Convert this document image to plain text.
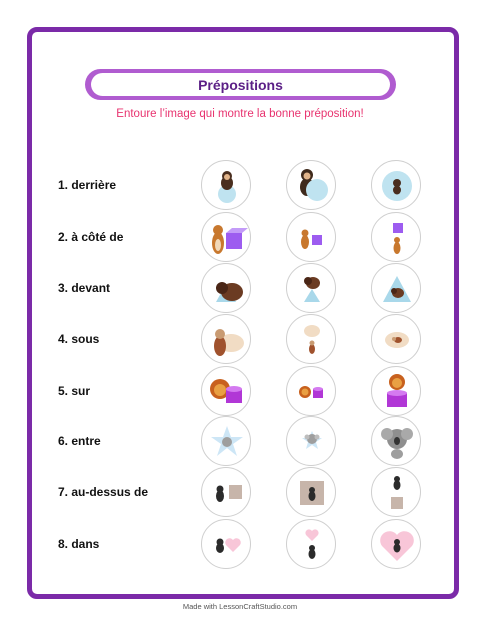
Prépositions
Entoure l’image qui montre la bonne préposition!
1. derrière
2. à côté de
3. devant
4. sous
5. sur
6. entre
7. au-dessus de
8. dans
Made with LessonCraftStudio.com
